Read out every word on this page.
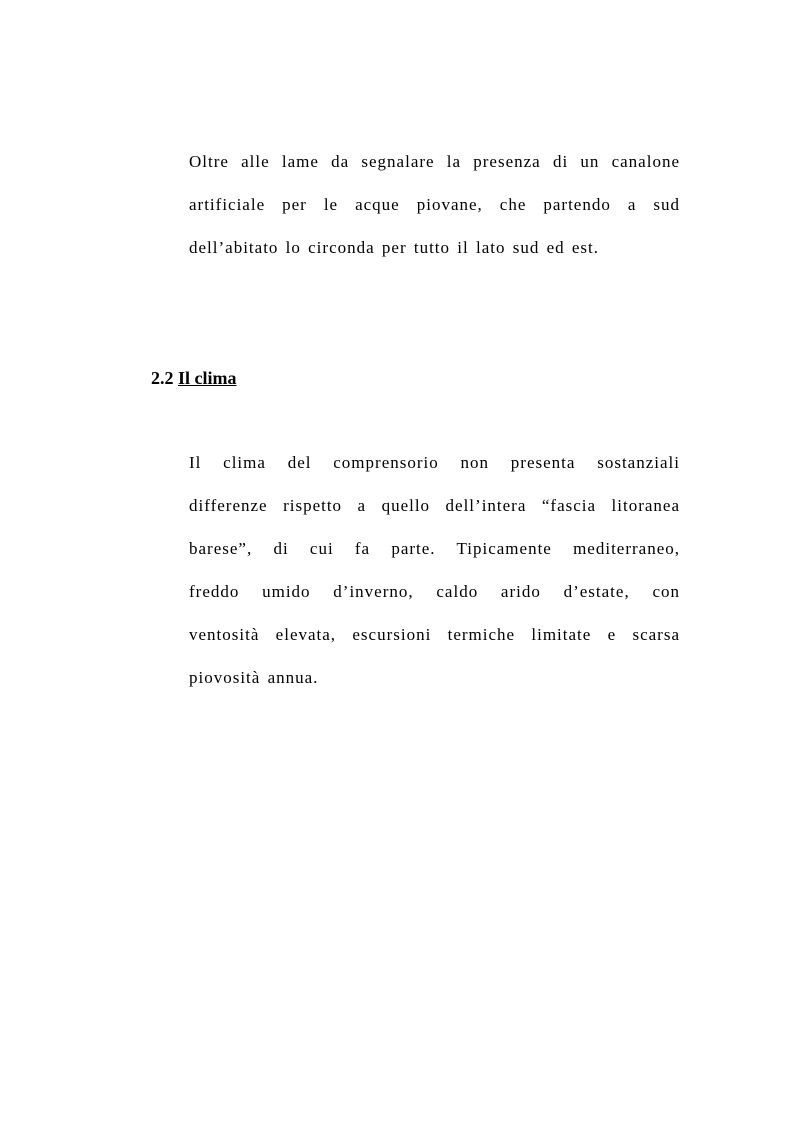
Oltre alle lame da segnalare la presenza di un canalone
artificiale per le acque piovane, che partendo a sud
dell’abitato lo circonda per tutto il lato sud ed est.

2.2 Il clima

Il clima del comprensorio non presenta sostanziali
differenze rispetto a quello dell’intera “fascia litoranea
barese”, di cui fa parte. Tipicamente mediterraneo,
freddo umido d’inverno, caldo arido d’estate, con
ventosità elevata, escursioni termiche limitate e scarsa
piovosità annua.
